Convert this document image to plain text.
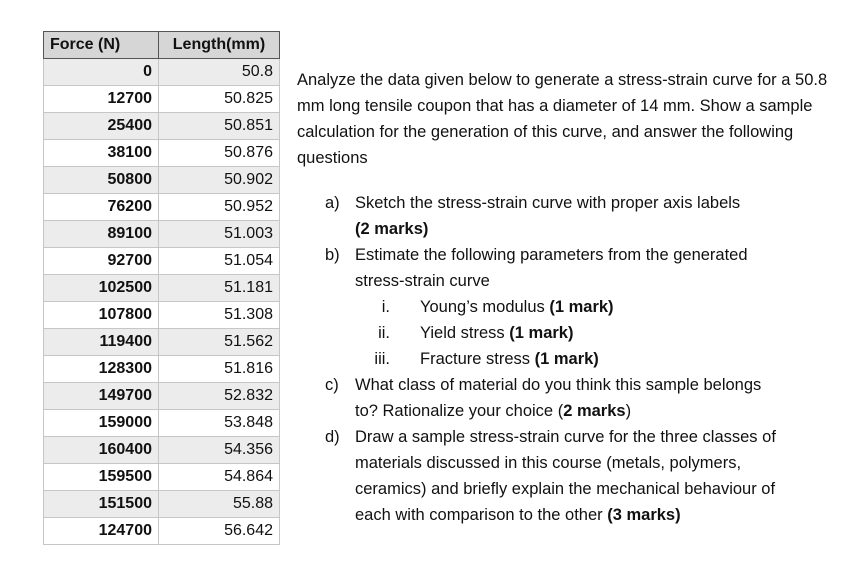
Force (N)	Length(mm)
0	50.8
12700	50.825
25400	50.851
38100	50.876
50800	50.902
76200	50.952
89100	51.003
92700	51.054
102500	51.181
107800	51.308
119400	51.562
128300	51.816
149700	52.832
159000	53.848
160400	54.356
159500	54.864
151500	55.88
124700	56.642

Analyze the data given below to generate a stress-strain curve for a 50.8 mm long tensile coupon that has a diameter of 14 mm. Show a sample calculation for the generation of this curve, and answer the following questions

a) Sketch the stress-strain curve with proper axis labels
(2 marks)
b) Estimate the following parameters from the generated
stress-strain curve
i. Young’s modulus (1 mark)
ii. Yield stress (1 mark)
iii. Fracture stress (1 mark)
c) What class of material do you think this sample belongs
to? Rationalize your choice (2 marks)
d) Draw a sample stress-strain curve for the three classes of
materials discussed in this course (metals, polymers,
ceramics) and briefly explain the mechanical behaviour of
each with comparison to the other (3 marks)
